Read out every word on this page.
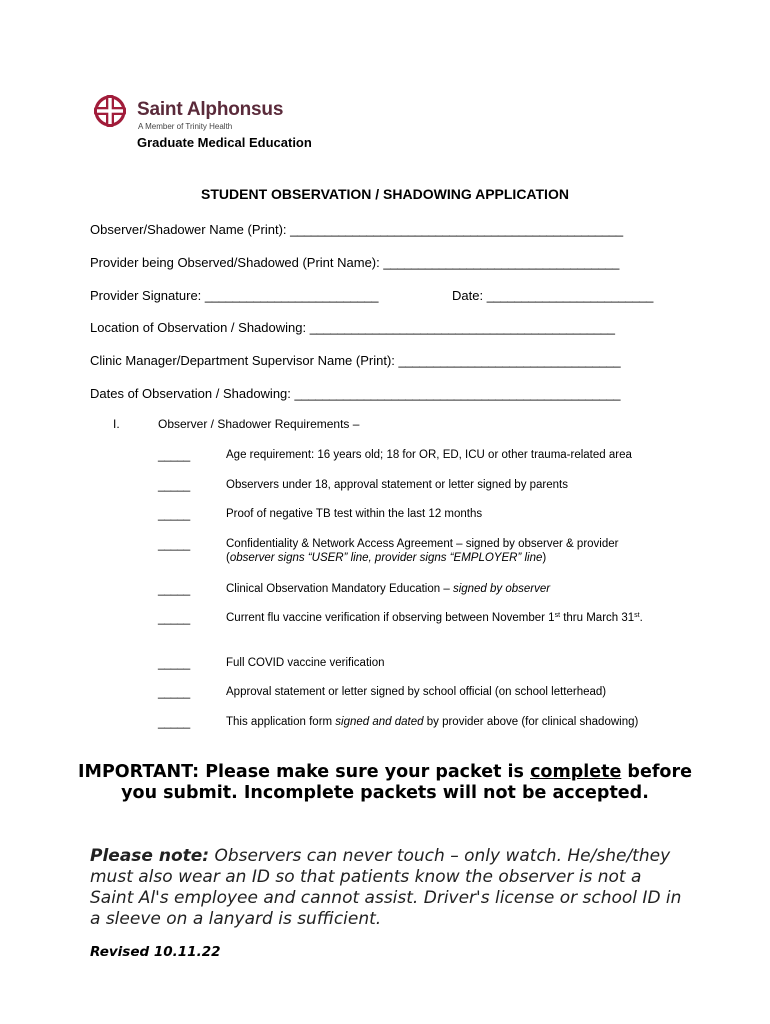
Saint Alphonsus
A Member of Trinity Health
Graduate Medical Education
STUDENT OBSERVATION / SHADOWING APPLICATION
Observer/Shadower Name (Print): ________________________________________________
Provider being Observed/Shadowed (Print Name): __________________________________
Provider Signature: _________________________	Date: ________________________
Location of Observation / Shadowing: ____________________________________________
Clinic Manager/Department Supervisor Name (Print): ________________________________
Dates of Observation / Shadowing: _______________________________________________
I.	Observer / Shadower Requirements –
_____	Age requirement: 16 years old; 18 for OR, ED, ICU or other trauma-related area
_____	Observers under 18, approval statement or letter signed by parents
_____	Proof of negative TB test within the last 12 months
_____	Confidentiality & Network Access Agreement – signed by observer & provider (observer signs “USER” line, provider signs “EMPLOYER” line)
_____	Clinical Observation Mandatory Education – signed by observer
_____	Current flu vaccine verification if observing between November 1st thru March 31st.
_____	Full COVID vaccine verification
_____	Approval statement or letter signed by school official (on school letterhead)
_____	This application form signed and dated by provider above (for clinical shadowing)
IMPORTANT: Please make sure your packet is complete before you submit. Incomplete packets will not be accepted.
Please note: Observers can never touch – only watch. He/she/they must also wear an ID so that patients know the observer is not a Saint Al's employee and cannot assist. Driver's license or school ID in a sleeve on a lanyard is sufficient.
Revised 10.11.22
